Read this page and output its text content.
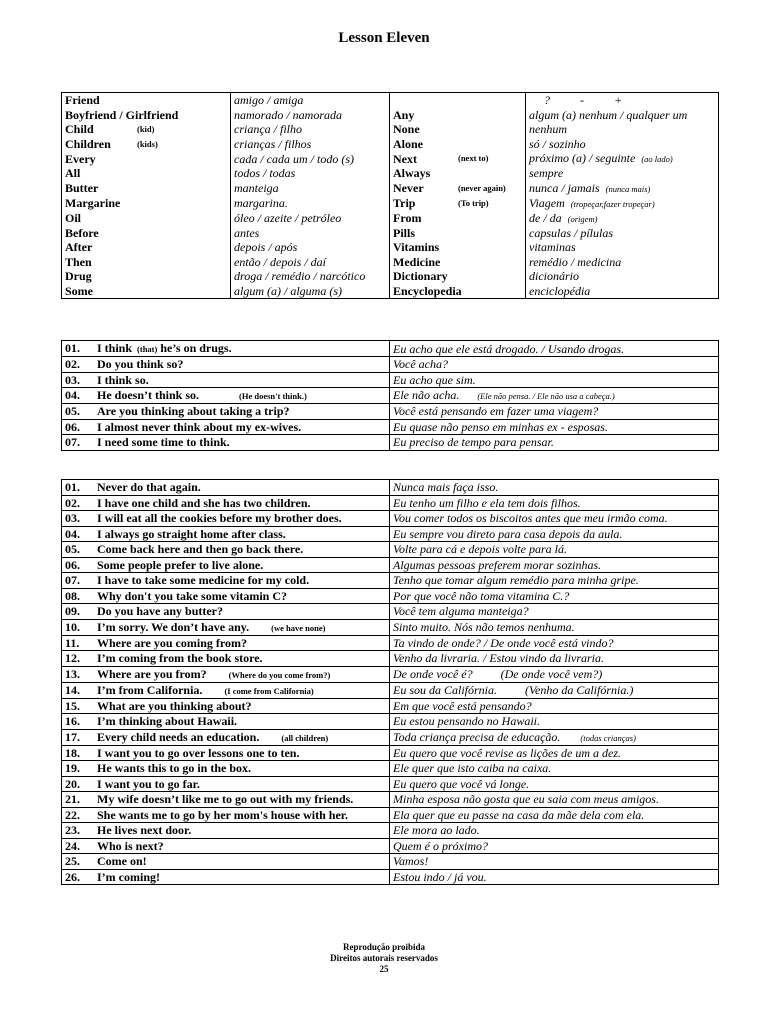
Lesson Eleven
Friend	amigo / amiga		?          -          +
Boyfriend / Girlfriend	namorado / namorada	Any	algum (a) nenhum / qualquer um
Child (kid)	criança / filho	None	nenhum
Children (kids)	crianças / filhos	Alone	só / sozinho
Every	cada / cada um / todo (s)	Next (next to)	próximo (a) / seguinte (ao lado)
All	todos / todas	Always	sempre
Butter	manteiga	Never (never again)	nunca / jamais (nunca mais)
Margarine	margarina.	Trip (To trip)	Viagem (tropeçar,fazer tropeçar)
Oil	óleo / azeite / petróleo	From	de / da (origem)
Before	antes	Pills	capsulas / pílulas
After	depois / após	Vitamins	vitaminas
Then	então / depois / daí	Medicine	remédio / medicina
Drug	droga / remédio / narcótico	Dictionary	dicionário
Some	algum (a) / alguma (s)	Encyclopedia	enciclopédia
01. I think (that) he’s on drugs.	Eu acho que ele está drogado. / Usando drogas.
02. Do you think so?	Você acha?
03. I think so.	Eu acho que sim.
04. He doesn’t think so. (He doesn't think.)	Ele não acha. (Ele não pensa. / Ele não usa a cabeça.)
05. Are you thinking about taking a trip?	Você está pensando em fazer uma viagem?
06. I almost never think about my ex-wives.	Eu quase não penso em minhas ex - esposas.
07. I need some time to think.	Eu preciso de tempo para pensar.
01. Never do that again.	Nunca mais faça isso.
02. I have one child and she has two children.	Eu tenho um filho e ela tem dois filhos.
03. I will eat all the cookies before my brother does.	Vou comer todos os biscoitos antes que meu irmão coma.
04. I always go straight home after class.	Eu sempre vou direto para casa depois da aula.
05. Come back here and then go back there.	Volte para cá e depois volte para lá.
06. Some people prefer to live alone.	Algumas pessoas preferem morar sozinhas.
07. I have to take some medicine for my cold.	Tenho que tomar algum remédio para minha gripe.
08. Why don't you take some vitamin C?	Por que você não toma vitamina C.?
09. Do you have any butter?	Você tem alguma manteiga?
10. I’m sorry. We don’t have any. (we have none)	Sinto muito. Nós não temos nenhuma.
11. Where are you coming from?	Ta vindo de onde? / De onde você está vindo?
12. I’m coming from the book store.	Venho da livraria. / Estou vindo da livraria.
13. Where are you from? (Where do you come from?)	De onde você é? (De onde você vem?)
14. I’m from California. (I come from California)	Eu sou da Califórnia. (Venho da Califórnia.)
15. What are you thinking about?	Em que você está pensando?
16. I’m thinking about Hawaii.	Eu estou pensando no Hawaii.
17. Every child needs an education. (all children)	Toda criança precisa de educação. (todas crianças)
18. I want you to go over lessons one to ten.	Eu quero que você revise as lições de um a dez.
19. He wants this to go in the box.	Ele quer que isto caiba na caixa.
20. I want you to go far.	Eu quero que você vá longe.
21. My wife doesn’t like me to go out with my friends.	Minha esposa não gosta que eu saia com meus amigos.
22. She wants me to go by her mom's house with her.	Ela quer que eu passe na casa da mãe dela com ela.
23. He lives next door.	Ele mora ao lado.
24. Who is next?	Quem é o próximo?
25. Come on!	Vamos!
26. I’m coming!	Estou indo / já vou.
Reprodução proibida
Direitos autorais reservados
25
